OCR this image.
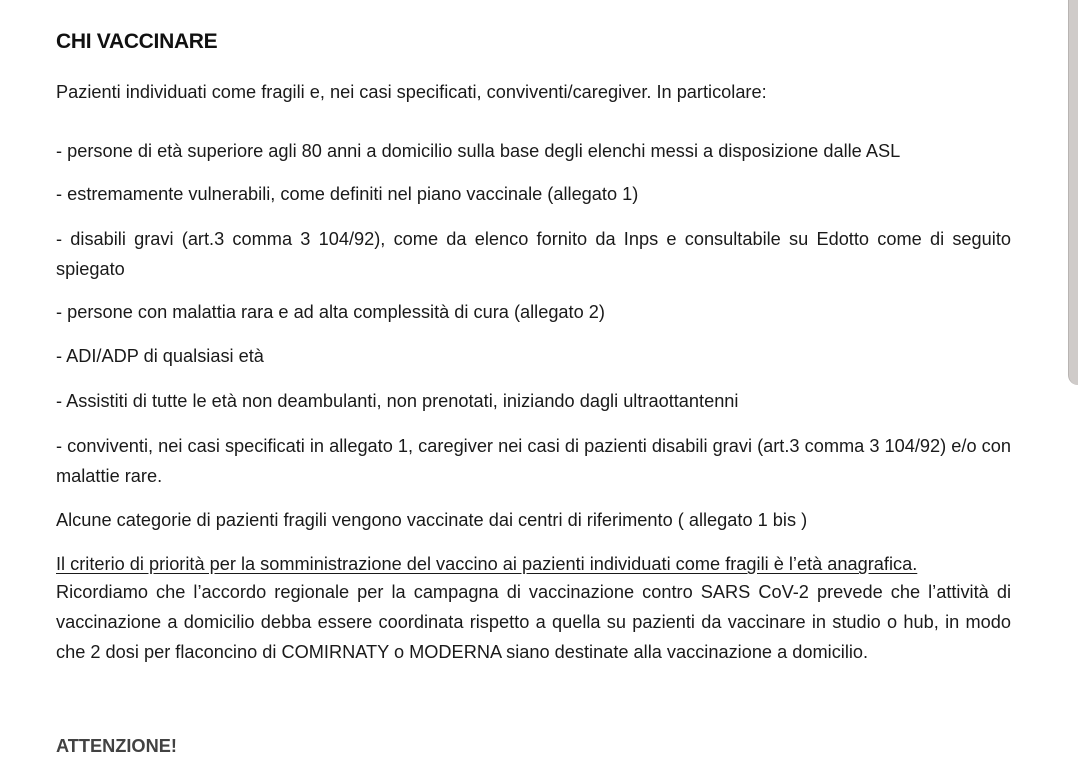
CHI VACCINARE

Pazienti individuati come fragili e, nei casi specificati, conviventi/caregiver. In particolare:

- persone di età superiore agli 80 anni a domicilio sulla base degli elenchi messi a disposizione dalle ASL

- estremamente vulnerabili, come definiti nel piano vaccinale (allegato 1)

- disabili gravi (art.3 comma 3 104/92), come da elenco fornito da Inps e consultabile su Edotto come di seguito spiegato

- persone con malattia rara e ad alta complessità di cura (allegato 2)

- ADI/ADP di qualsiasi età

- Assistiti di tutte le età non deambulanti, non prenotati, iniziando dagli ultraottantenni

- conviventi, nei casi specificati in allegato 1, caregiver nei casi di pazienti disabili gravi (art.3 comma 3 104/92) e/o con malattie rare.

Alcune categorie di pazienti fragili vengono vaccinate dai centri di riferimento ( allegato 1 bis )

Il criterio di priorità per la somministrazione del vaccino ai pazienti individuati come fragili è l’età anagrafica.

Ricordiamo che l’accordo regionale per la campagna di vaccinazione contro SARS CoV-2 prevede che l’attività di vaccinazione a domicilio debba essere coordinata rispetto a quella su pazienti da vaccinare in studio o hub, in modo che 2 dosi per flaconcino di COMIRNATY o MODERNA siano destinate alla vaccinazione a domicilio.

ATTENZIONE!
